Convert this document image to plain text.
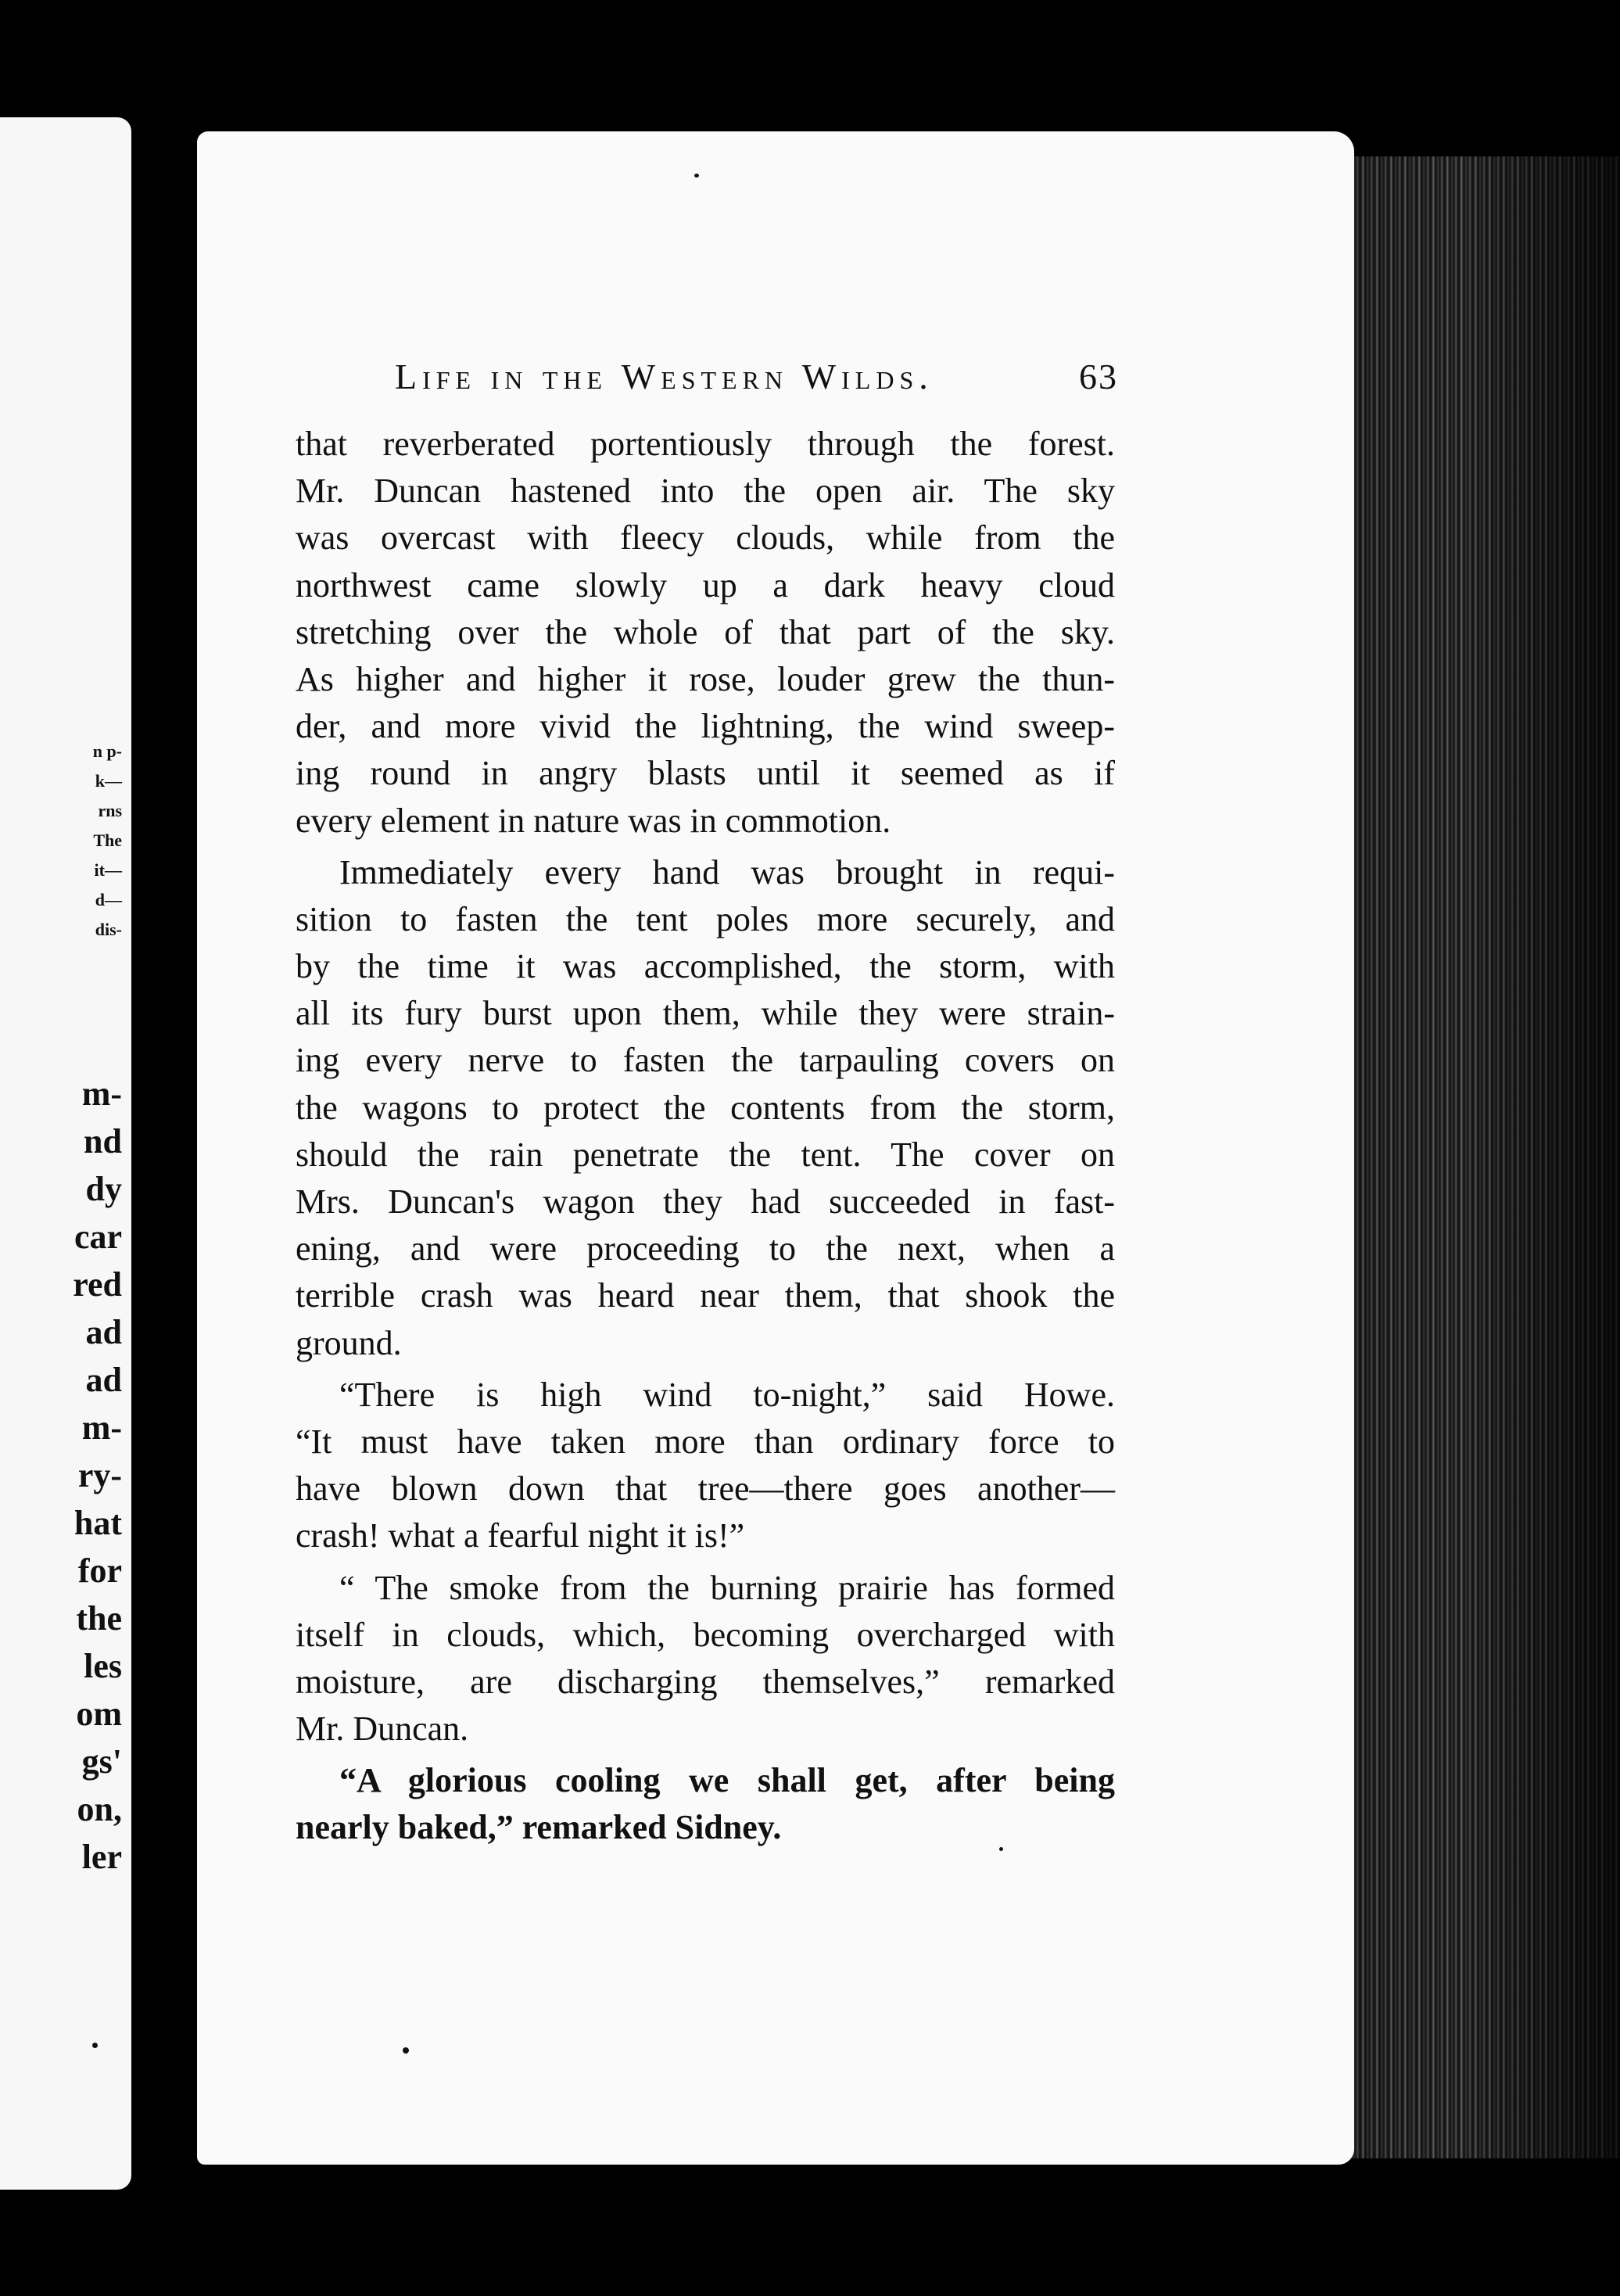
n p-
k—
rns
The
it—
d—
dis-
m-
nd
dy
car
red
ad
ad
m-
ry-
hat
for
the
les
om
gs'
on,
ler
Life in the Western Wilds.	63
that reverberated portentiously through the forest.
Mr. Duncan hastened into the open air. The sky
was overcast with fleecy clouds, while from the
northwest came slowly up a dark heavy cloud
stretching over the whole of that part of the sky.
As higher and higher it rose, louder grew the thun-
der, and more vivid the lightning, the wind sweep-
ing round in angry blasts until it seemed as if
every element in nature was in commotion.
Immediately every hand was brought in requi-
sition to fasten the tent poles more securely, and
by the time it was accomplished, the storm, with
all its fury burst upon them, while they were strain-
ing every nerve to fasten the tarpauling covers on
the wagons to protect the contents from the storm,
should the rain penetrate the tent. The cover on
Mrs. Duncan's wagon they had succeeded in fast-
ening, and were proceeding to the next, when a
terrible crash was heard near them, that shook the
ground.
“There is high wind to-night,” said Howe.
“It must have taken more than ordinary force to
have blown down that tree—there goes another—
crash! what a fearful night it is!”
“ The smoke from the burning prairie has formed
itself in clouds, which, becoming overcharged with
moisture, are discharging themselves,” remarked
Mr. Duncan.
“A glorious cooling we shall get, after being
nearly baked,” remarked Sidney.
